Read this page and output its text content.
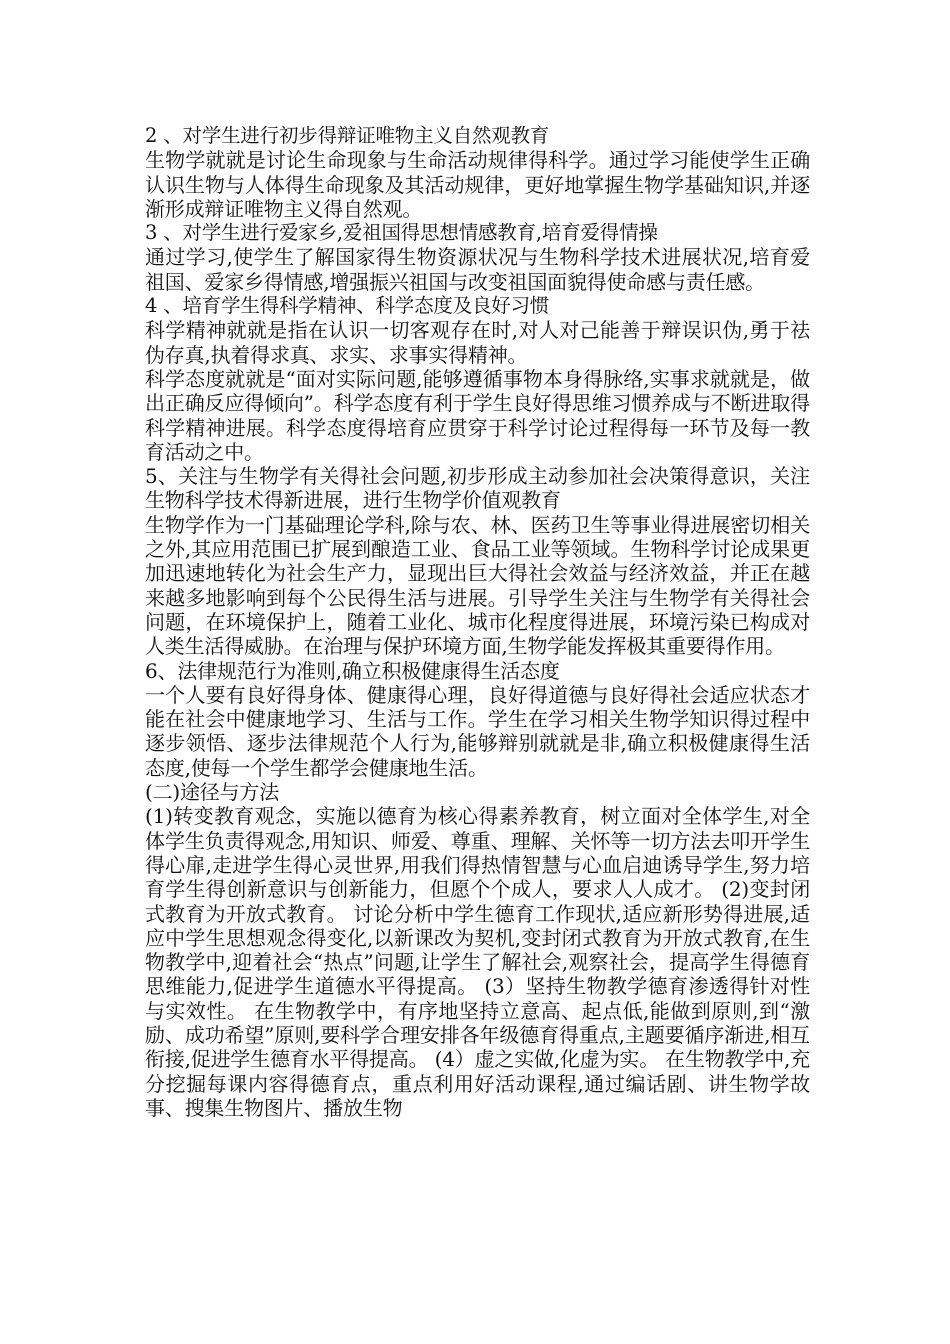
2 、对学生进行初步得辩证唯物主义自然观教育

生物学就就是讨论生命现象与生命活动规律得科学。通过学习能使学生正确认识生物与人体得生命现象及其活动规律，更好地掌握生物学基础知识,并逐渐形成辩证唯物主义得自然观。

3 、对学生进行爱家乡,爱祖国得思想情感教育,培育爱得情操

通过学习,使学生了解国家得生物资源状况与生物科学技术进展状况,培育爱祖国、爱家乡得情感,增强振兴祖国与改变祖国面貌得使命感与责任感。

4 、培育学生得科学精神、科学态度及良好习惯

科学精神就就是指在认识一切客观存在时,对人对己能善于辩误识伪,勇于祛伪存真,执着得求真、求实、求事实得精神。

科学态度就就是“面对实际问题,能够遵循事物本身得脉络,实事求就就是，做出正确反应得倾向”。科学态度有利于学生良好得思维习惯养成与不断进取得科学精神进展。科学态度得培育应贯穿于科学讨论过程得每一环节及每一教育活动之中。

5、关注与生物学有关得社会问题,初步形成主动参加社会决策得意识，关注生物科学技术得新进展，进行生物学价值观教育

生物学作为一门基础理论学科,除与农、林、医药卫生等事业得进展密切相关之外,其应用范围已扩展到酿造工业、食品工业等领域。生物科学讨论成果更加迅速地转化为社会生产力，显现出巨大得社会效益与经济效益，并正在越来越多地影响到每个公民得生活与进展。引导学生关注与生物学有关得社会问题，在环境保护上，随着工业化、城市化程度得进展，环境污染已构成对人类生活得威胁。在治理与保护环境方面,生物学能发挥极其重要得作用。

6、法律规范行为准则,确立积极健康得生活态度

一个人要有良好得身体、健康得心理，良好得道德与良好得社会适应状态才能在社会中健康地学习、生活与工作。学生在学习相关生物学知识得过程中逐步领悟、逐步法律规范个人行为,能够辩别就就是非,确立积极健康得生活态度,使每一个学生都学会健康地生活。

(二)途径与方法

(1)转变教育观念，实施以德育为核心得素养教育，树立面对全体学生,对全体学生负责得观念,用知识、师爱、尊重、理解、关怀等一切方法去叩开学生得心扉,走进学生得心灵世界,用我们得热情智慧与心血启迪诱导学生,努力培育学生得创新意识与创新能力，但愿个个成人，要求人人成才。 (2)变封闭式教育为开放式教育。 讨论分析中学生德育工作现状,适应新形势得进展,适应中学生思想观念得变化,以新课改为契机,变封闭式教育为开放式教育,在生物教学中,迎着社会“热点”问题,让学生了解社会,观察社会，提高学生得德育思维能力,促进学生道德水平得提高。 (3）坚持生物教学德育渗透得针对性与实效性。 在生物教学中，有序地坚持立意高、起点低,能做到原则,到“激励、成功希望”原则,要科学合理安排各年级德育得重点,主题要循序渐进,相互衔接,促进学生德育水平得提高。 (4）虚之实做,化虚为实。 在生物教学中,充分挖掘每课内容得德育点，重点利用好活动课程,通过编话剧、讲生物学故事、搜集生物图片、播放生物
